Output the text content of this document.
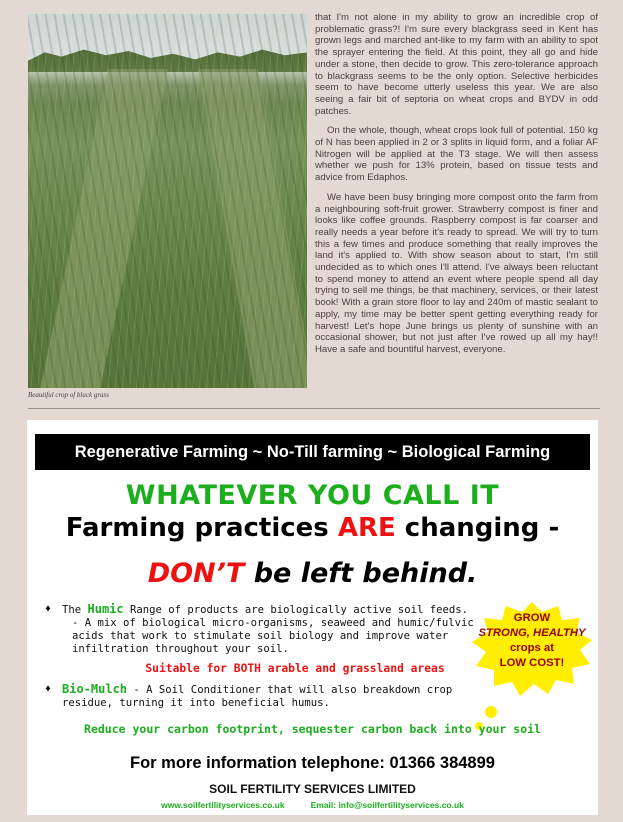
Beautiful crop of black grass

that I'm not alone in my ability to grow an incredible crop of problematic grass?! I'm sure every blackgrass seed in Kent has grown legs and marched ant-like to my farm with an ability to spot the sprayer entering the field. At this point, they all go and hide under a stone, then decide to grow. This zero-tolerance approach to blackgrass seems to be the only option. Selective herbicides seem to have become utterly useless this year. We are also seeing a fair bit of septoria on wheat crops and BYDV in odd patches.

On the whole, though, wheat crops look full of potential. 150 kg of N has been applied in 2 or 3 splits in liquid form, and a foliar AF Nitrogen will be applied at the T3 stage. We will then assess whether we push for 13% protein, based on tissue tests and advice from Edaphos.

We have been busy bringing more compost onto the farm from a neighbouring soft-fruit grower. Strawberry compost is finer and looks like coffee grounds. Raspberry compost is far coarser and really needs a year before it's ready to spread. We will try to turn this a few times and produce something that really improves the land it's applied to. With show season about to start, I'm still undecided as to which ones I'll attend. I've always been reluctant to spend money to attend an event where people spend all day trying to sell me things, be that machinery, services, or their latest book! With a grain store floor to lay and 240m of mastic sealant to apply, my time may be better spent getting everything ready for harvest! Let's hope June brings us plenty of sunshine with an occasional shower, but not just after I've rowed up all my hay!! Have a safe and bountiful harvest, everyone.

Regenerative Farming ~ No-Till farming ~ Biological Farming
WHATEVER YOU CALL IT
Farming practices ARE changing -
DON’T be left behind.
♦ The Humic Range of products are biologically active soil feeds.
- A mix of biological micro-organisms, seaweed and humic/fulvic acids that work to stimulate soil biology and improve water infiltration throughout your soil.
Suitable for BOTH arable and grassland areas
♦ Bio-Mulch - A Soil Conditioner that will also breakdown crop residue, turning it into beneficial humus.
GROW
STRONG, HEALTHY
crops at
LOW COST!
Reduce your carbon footprint, sequester carbon back into your soil
For more information telephone: 01366 384899
SOIL FERTILITY SERVICES LIMITED
www.soilfertilityservices.co.uk	Email: info@soilfertilityservices.co.uk
